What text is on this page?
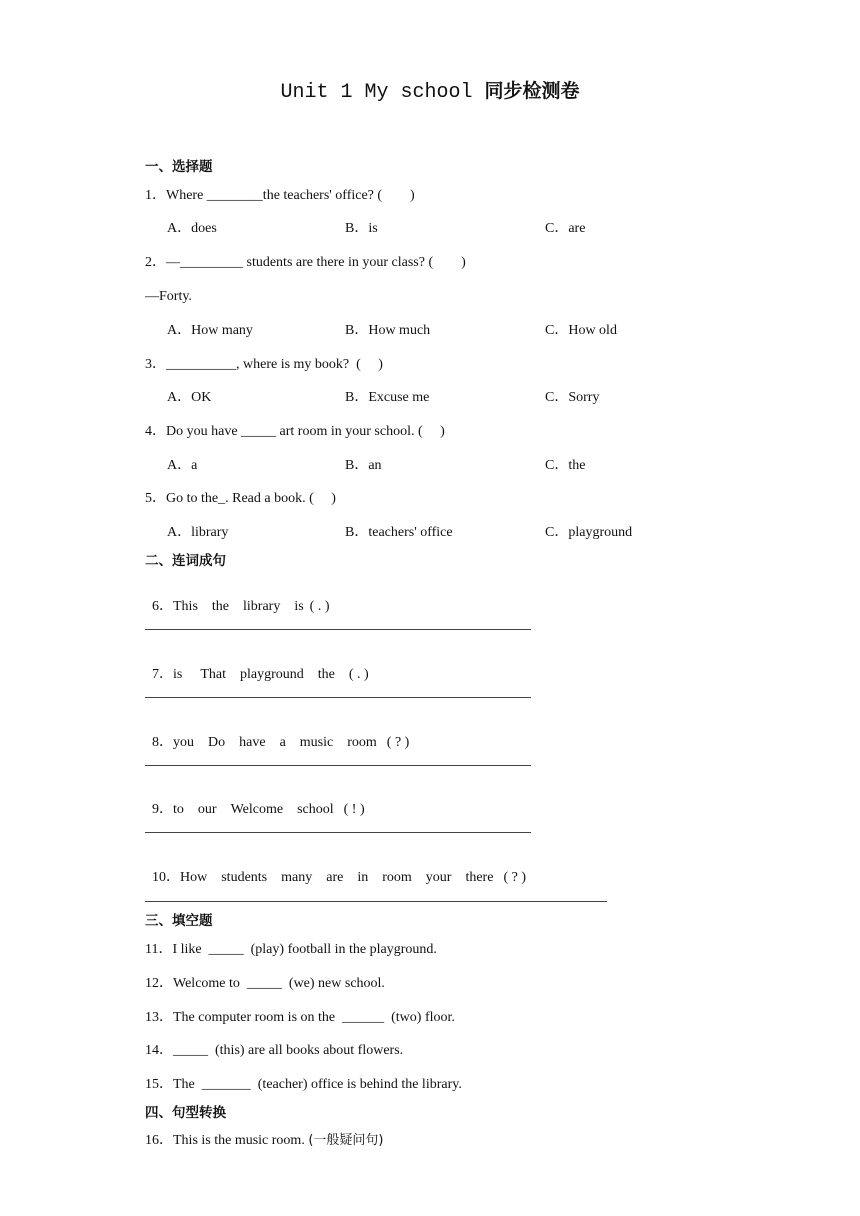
Unit 1 My school 同步检测卷
一、选择题
1．Where ________the teachers' office? (　　)
A．does	B．is	C．are
2．—_________ students are there in your class? (　　)
—Forty.
A．How many	B．How much	C．How old
3．__________, where is my book?  (　 )
A．OK	B．Excuse me	C．Sorry
4．Do you have _____ art room in your school. (　 )
A．a	B．an	C．the
5．Go to the_. Read a book. (　 )
A．library	B．teachers' office	C．playground
二、连词成句

6．This the library is ( . )

7．is That playground the ( . )

8．you Do have a music room ( ? )

9．to our Welcome school ( ! )

10．How students many are in room your there ( ? )

三、填空题
11．I like  _____  (play) football in the playground.
12．Welcome to  _____  (we) new school.
13．The computer room is on the  ______  (two) floor.
14．_____  (this) are all books about flowers.
15．The  _______  (teacher) office is behind the library.
四、句型转换
16．This is the music room. (一般疑问句)
